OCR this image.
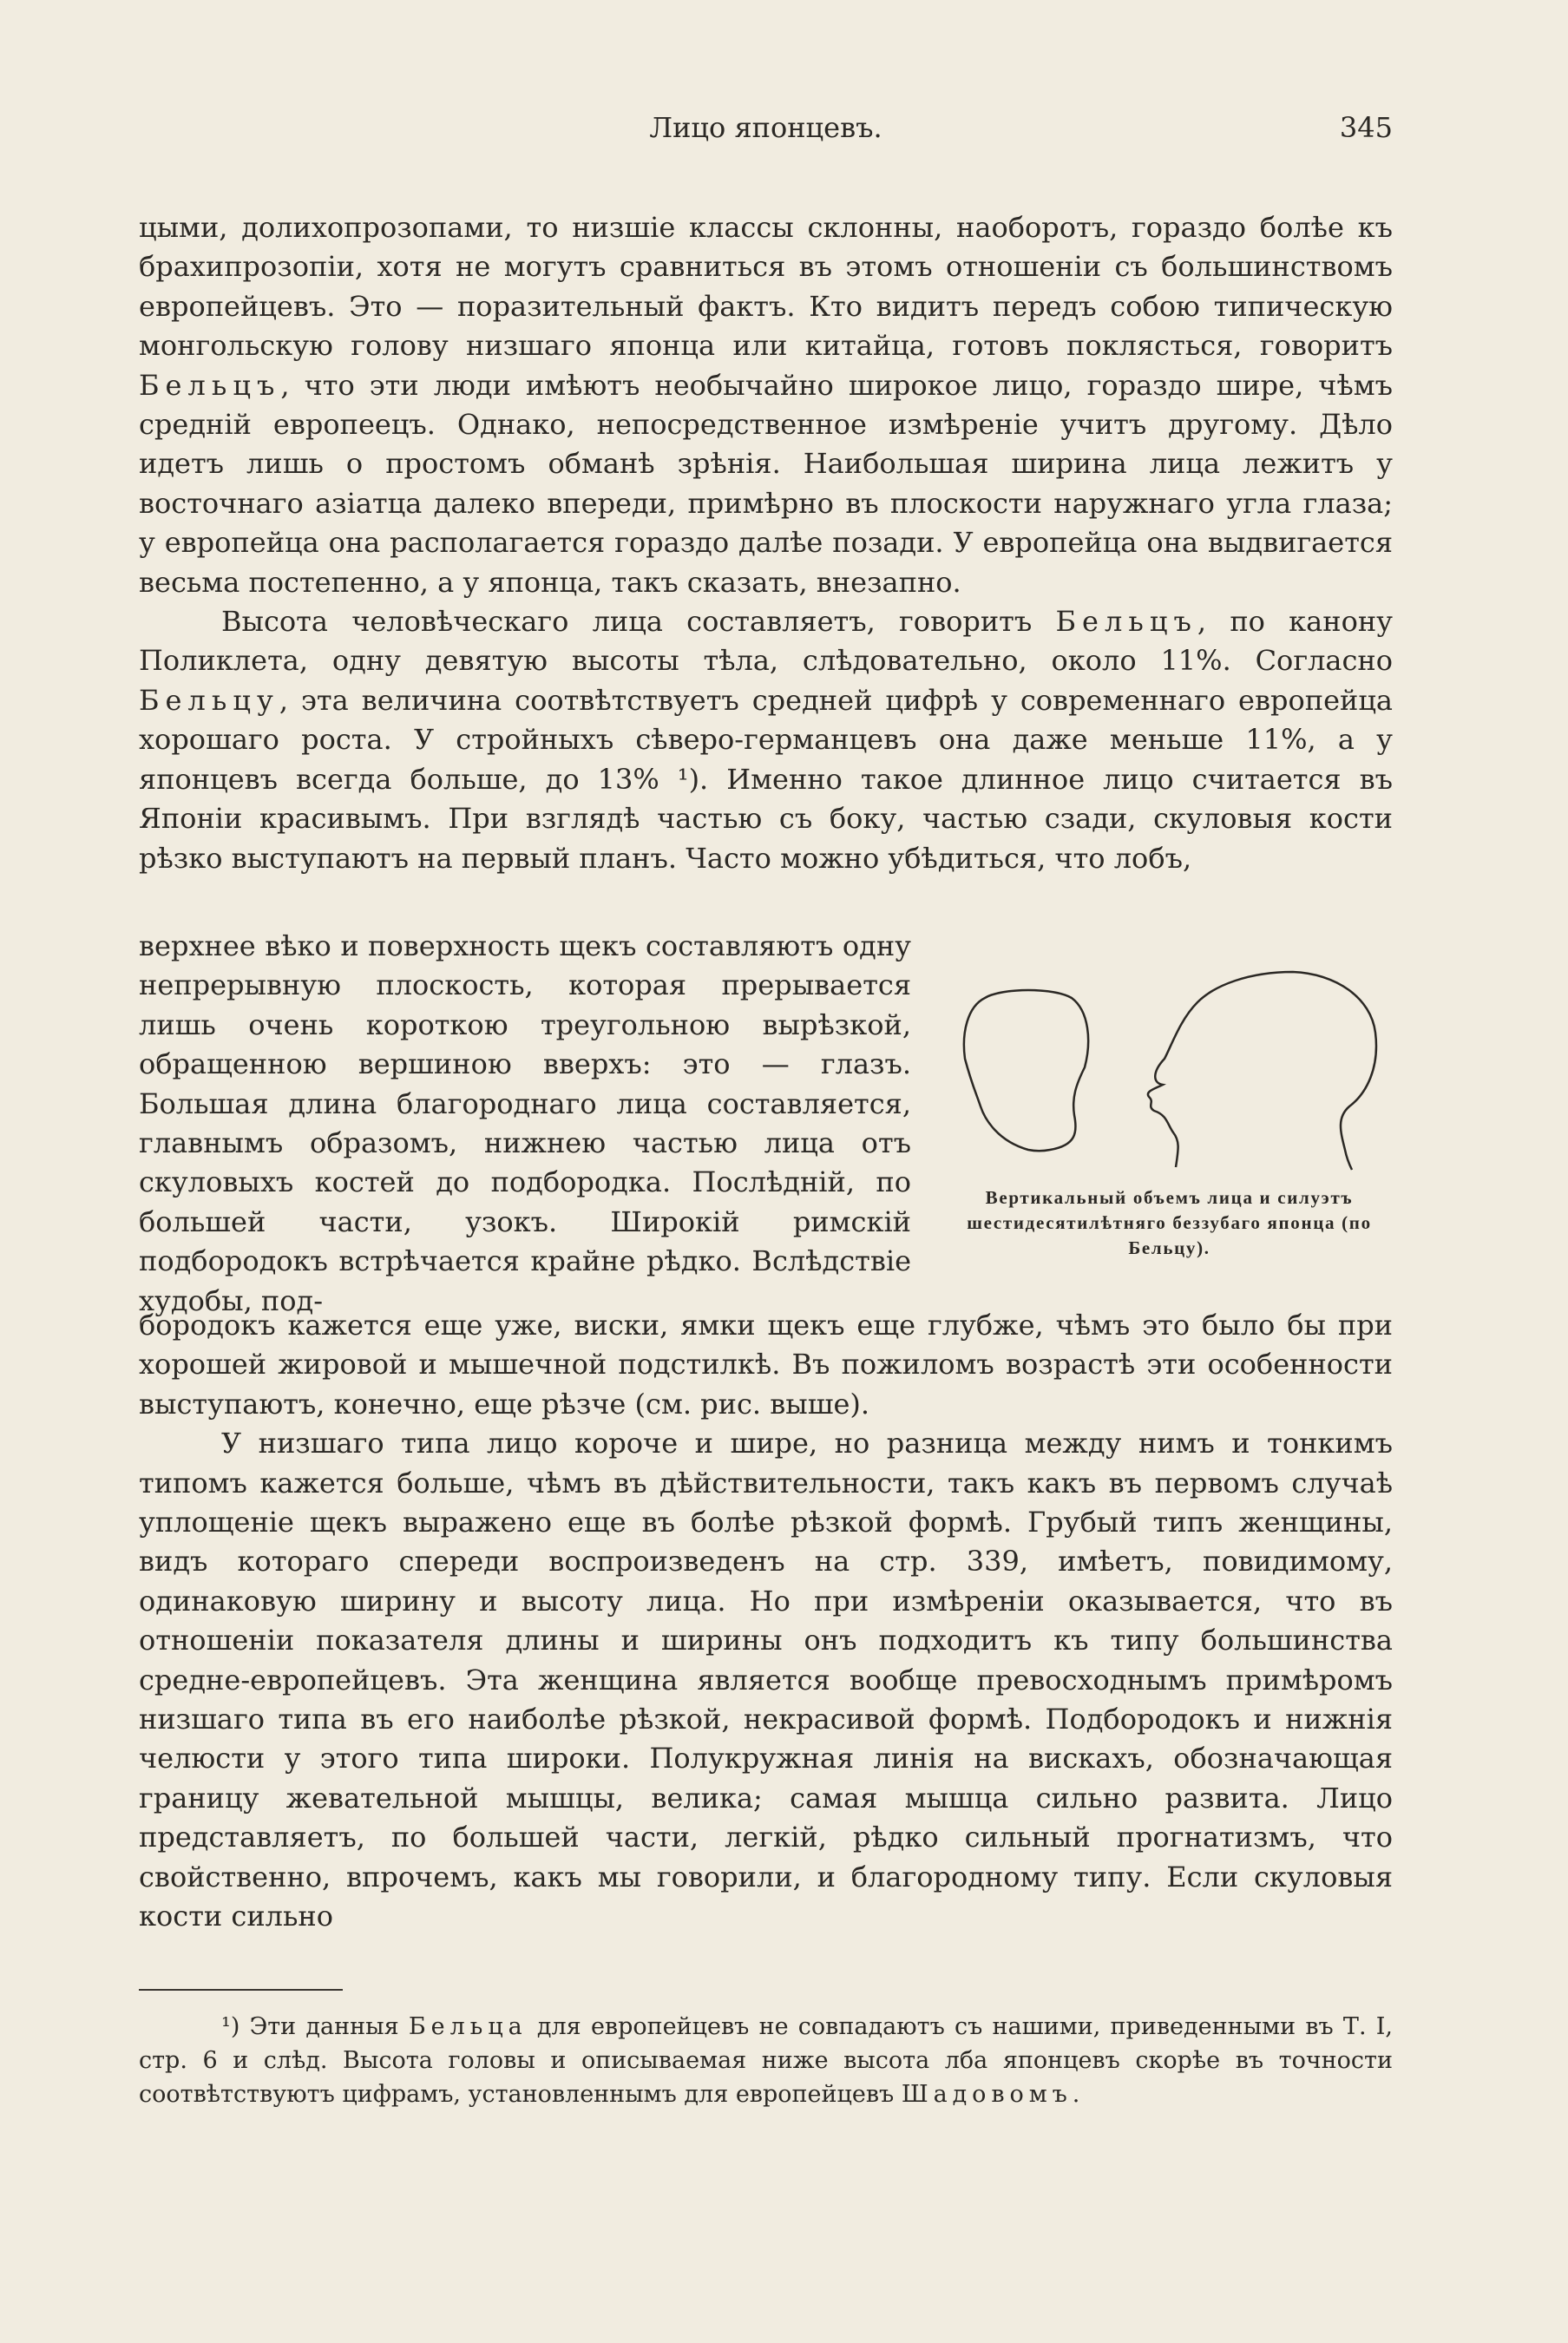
Лицо японцевъ.	345

цыми, долихопрозопами, то низшіе классы склонны, наоборотъ, гораздо болѣе къ брахипрозопіи, хотя не могутъ сравниться въ этомъ отношеніи съ большинствомъ европейцевъ. Это — поразительный фактъ. Кто видитъ передъ собою типическую монгольскую голову низшаго японца или китайца, готовъ поклясться, говоритъ Бельцъ, что эти люди имѣютъ необычайно широкое лицо, гораздо шире, чѣмъ средній европеецъ. Однако, непосредственное измѣреніе учитъ другому. Дѣло идетъ лишь о простомъ обманѣ зрѣнія. Наибольшая ширина лица лежитъ у восточнаго азіатца далеко впереди, примѣрно въ плоскости наружнаго угла глаза; у европейца она располагается гораздо далѣе позади. У европейца она выдвигается весьма постепенно, а у японца, такъ сказать, внезапно.

Высота человѣческаго лица составляетъ, говоритъ Бельцъ, по канону Поликлета, одну девятую высоты тѣла, слѣдовательно, около 11%. Согласно Бельцу, эта величина соотвѣтствуетъ средней цифрѣ у современнаго европейца хорошаго роста. У стройныхъ сѣверо-германцевъ она даже меньше 11%, а у японцевъ всегда больше, до 13% ¹). Именно такое длинное лицо считается въ Японіи красивымъ. При взглядѣ частью съ боку, частью сзади, скуловыя кости рѣзко выступаютъ на первый планъ. Часто можно убѣдиться, что лобъ,

верхнее вѣко и поверхность щекъ составляютъ одну непрерывную плоскость, которая прерывается лишь очень короткою треугольною вырѣзкой, обращенною вершиною вверхъ: это — глазъ. Большая длина благороднаго лица составляется, главнымъ образомъ, нижнею частью лица отъ скуловыхъ костей до подбородка. Послѣдній, по большей части, узокъ. Широкій римскій подбородокъ встрѣчается крайне рѣдко. Вслѣдствіе худобы, под-

Вертикальный объемъ лица и силуэтъ шестидесятилѣтняго беззубаго японца (по Бельцу).

бородокъ кажется еще уже, виски, ямки щекъ еще глубже, чѣмъ это было бы при хорошей жировой и мышечной подстилкѣ. Въ пожиломъ возрастѣ эти особенности выступаютъ, конечно, еще рѣзче (см. рис. выше).

У низшаго типа лицо короче и шире, но разница между нимъ и тонкимъ типомъ кажется больше, чѣмъ въ дѣйствительности, такъ какъ въ первомъ случаѣ уплощеніе щекъ выражено еще въ болѣе рѣзкой формѣ. Грубый типъ женщины, видъ котораго спереди воспроизведенъ на стр. 339, имѣетъ, повидимому, одинаковую ширину и высоту лица. Но при измѣреніи оказывается, что въ отношеніи показателя длины и ширины онъ подходитъ къ типу большинства средне-европейцевъ. Эта женщина является вообще превосходнымъ примѣромъ низшаго типа въ его наиболѣе рѣзкой, некрасивой формѣ. Подбородокъ и нижнія челюсти у этого типа широки. Полукружная линія на вискахъ, обозначающая границу жевательной мышцы, велика; самая мышца сильно развита. Лицо представляетъ, по большей части, легкій, рѣдко сильный прогнатизмъ, что свойственно, впрочемъ, какъ мы говорили, и благородному типу. Если скуловыя кости сильно

¹) Эти данныя Бельца для европейцевъ не совпадаютъ съ нашими, приведенными въ Т. I, стр. 6 и слѣд. Высота головы и описываемая ниже высота лба японцевъ скорѣе въ точности соотвѣтствуютъ цифрамъ, установленнымъ для европейцевъ Шадовомъ.
